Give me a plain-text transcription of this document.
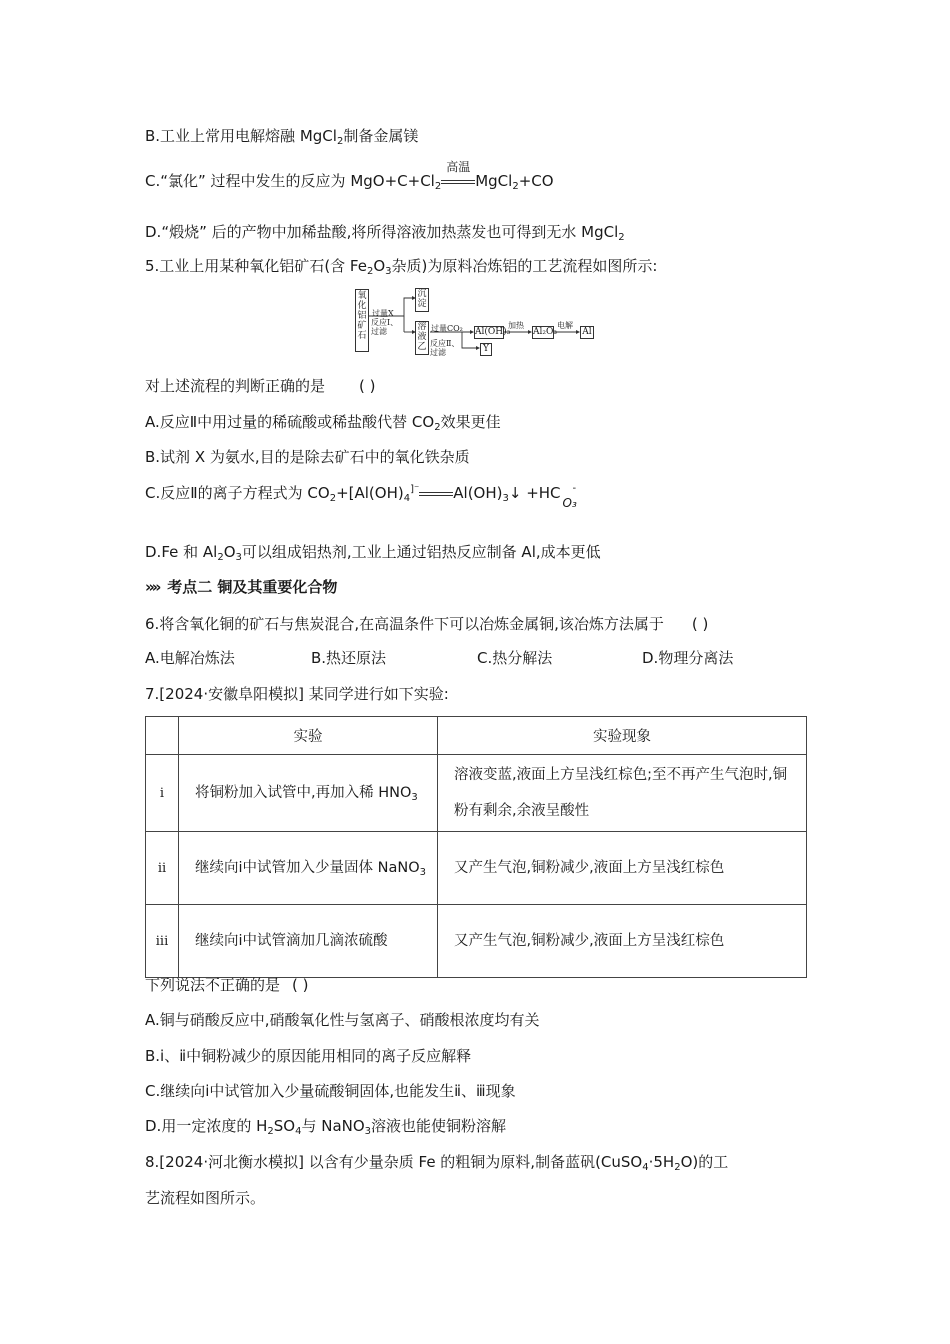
B.工业上常用电解熔融 MgCl$_2$制备金属镁
C.“氯化” 过程中发生的反应为 $MgO+C+Cl_2$
高温
MgCl$_2$+CO
D.“煅烧” 后的产物中加稀盐酸,将所得溶液加热蒸发也可得到无水 MgCl$_2$
5.工业上用某种氧化铝矿石(含 $Fe_2O_3$杂质)为原料冶炼铝的工艺流程如图所示:
氧化铝矿石
过量X
反应Ⅰ、过滤
沉淀
溶液乙
过量CO₂
反应Ⅱ、过滤
Al(OH)₃
Y
加热
Al₂O₃
电解
Al
对上述流程的判断正确的是 ( )
A.反应Ⅱ中用过量的稀硫酸或稀盐酸代替 $CO_2$效果更佳
B.试剂 X 为氨水,目的是除去矿石中的氧化铁杂质
C.反应Ⅱ的离子方程式为 $CO_2+[Al(OH)_4^{]^-}$ $Al(OH)_3↓ +HC$
O₃
-
D.Fe 和 $Al_2O_3$可以组成铝热剂,工业上通过铝热反应制备 Al,成本更低
»» 考点二 铜及其重要化合物
6.将含氧化铜的矿石与焦炭混合,在高温条件下可以冶炼金属铜,该冶炼方法属于 ( )
A.电解冶炼法	B.热还原法	C.热分解法	D.物理分离法
7.[2024·安徽阜阳模拟] 某同学进行如下实验:
	实验	实验现象
i	将铜粉加入试管中,再加入稀 $HNO_3$	溶液变蓝,液面上方呈浅红棕色;至不再产生气泡时,铜粉有剩余,余液呈酸性
ii	继续向ⅰ中试管加入少量固体 NaNO$_3$	又产生气泡,铜粉减少,液面上方呈浅红棕色
iii	继续向ⅰ中试管滴加几滴浓硫酸	又产生气泡,铜粉减少,液面上方呈浅红棕色
下列说法不正确的是 ( )
A.铜与硝酸反应中,硝酸氧化性与氢离子、硝酸根浓度均有关
B.ⅰ、ⅱ中铜粉减少的原因能用相同的离子反应解释
C.继续向ⅰ中试管加入少量硫酸铜固体,也能发生ⅱ、ⅲ现象
D.用一定浓度的 $H_2SO_4$与 NaNO$_3$溶液也能使铜粉溶解
8.[2024·河北衡水模拟] 以含有少量杂质 Fe 的粗铜为原料,制备蓝矾$(CuSO_4\cdot 5H_2O)$的工
艺流程如图所示。
